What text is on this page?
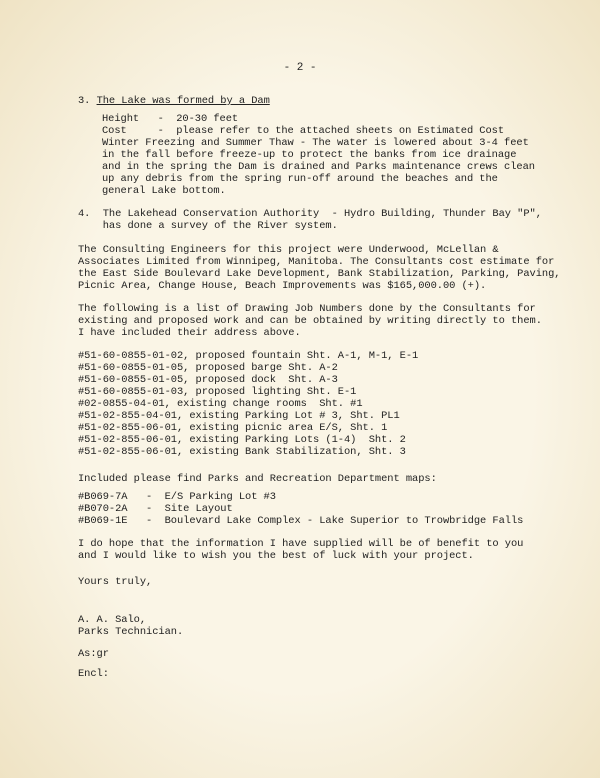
- 2 -
3. The Lake was formed by a Dam
Height   -  20-30 feet
Cost     -  please refer to the attached sheets on Estimated Cost
Winter Freezing and Summer Thaw - The water is lowered about 3-4 feet
in the fall before freeze-up to protect the banks from ice drainage
and in the spring the Dam is drained and Parks maintenance crews clean
up any debris from the spring run-off around the beaches and the
general Lake bottom.
4.  The Lakehead Conservation Authority  - Hydro Building, Thunder Bay "P",
has done a survey of the River system.
The Consulting Engineers for this project were Underwood, McLellan &
Associates Limited from Winnipeg, Manitoba. The Consultants cost estimate for
the East Side Boulevard Lake Development, Bank Stabilization, Parking, Paving,
Picnic Area, Change House, Beach Improvements was $165,000.00 (+).
The following is a list of Drawing Job Numbers done by the Consultants for
existing and proposed work and can be obtained by writing directly to them.
I have included their address above.
#51-60-0855-01-02, proposed fountain Sht. A-1, M-1, E-1
#51-60-0855-01-05, proposed barge Sht. A-2
#51-60-0855-01-05, proposed dock  Sht. A-3
#51-60-0855-01-03, proposed lighting Sht. E-1
#02-0855-04-01, existing change rooms  Sht. #1
#51-02-855-04-01, existing Parking Lot # 3, Sht. PL1
#51-02-855-06-01, existing picnic area E/S, Sht. 1
#51-02-855-06-01, existing Parking Lots (1-4)  Sht. 2
#51-02-855-06-01, existing Bank Stabilization, Sht. 3
Included please find Parks and Recreation Department maps:
#B069-7A   -  E/S Parking Lot #3
#B070-2A   -  Site Layout
#B069-1E   -  Boulevard Lake Complex - Lake Superior to Trowbridge Falls
I do hope that the information I have supplied will be of benefit to you
and I would like to wish you the best of luck with your project.
Yours truly,
A. A. Salo,
Parks Technician.
As:gr
Encl:
